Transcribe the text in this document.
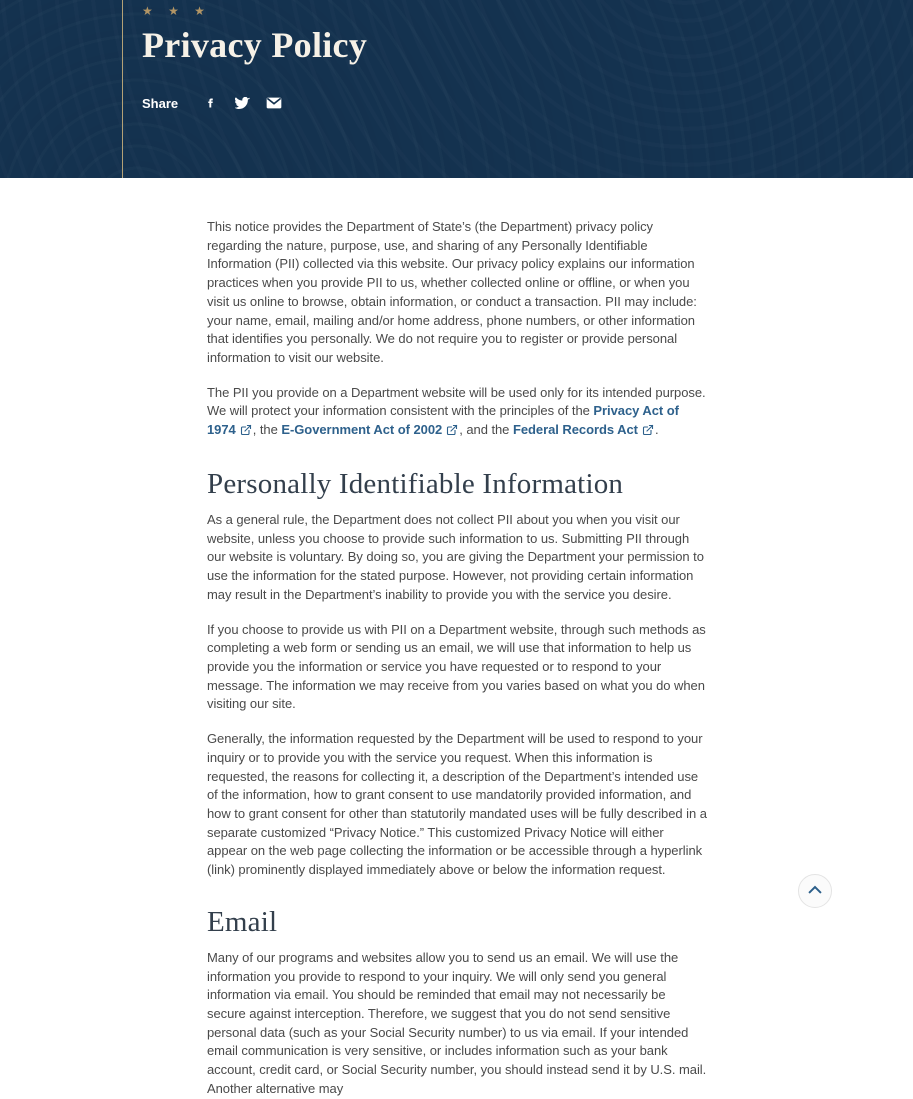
★ ★ ★
Privacy Policy
Share

This notice provides the Department of State’s (the Department) privacy policy regarding the nature, purpose, use, and sharing of any Personally Identifiable Information (PII) collected via this website. Our privacy policy explains our information practices when you provide PII to us, whether collected online or offline, or when you visit us online to browse, obtain information, or conduct a transaction. PII may include: your name, email, mailing and/or home address, phone numbers, or other information that identifies you personally. We do not require you to register or provide personal information to visit our website.

The PII you provide on a Department website will be used only for its intended purpose. We will protect your information consistent with the principles of the Privacy Act of 1974 , the E-Government Act of 2002 , and the Federal Records Act .

Personally Identifiable Information

As a general rule, the Department does not collect PII about you when you visit our website, unless you choose to provide such information to us. Submitting PII through our website is voluntary. By doing so, you are giving the Department your permission to use the information for the stated purpose. However, not providing certain information may result in the Department’s inability to provide you with the service you desire.

If you choose to provide us with PII on a Department website, through such methods as completing a web form or sending us an email, we will use that information to help us provide you the information or service you have requested or to respond to your message. The information we may receive from you varies based on what you do when visiting our site.

Generally, the information requested by the Department will be used to respond to your inquiry or to provide you with the service you request. When this information is requested, the reasons for collecting it, a description of the Department’s intended use of the information, how to grant consent to use mandatorily provided information, and how to grant consent for other than statutorily mandated uses will be fully described in a separate customized “Privacy Notice.” This customized Privacy Notice will either appear on the web page collecting the information or be accessible through a hyperlink (link) prominently displayed immediately above or below the information request.

Email

Many of our programs and websites allow you to send us an email. We will use the information you provide to respond to your inquiry. We will only send you general information via email. You should be reminded that email may not necessarily be secure against interception. Therefore, we suggest that you do not send sensitive personal data (such as your Social Security number) to us via email. If your intended email communication is very sensitive, or includes information such as your bank account, credit card, or Social Security number, you should instead send it by U.S. mail. Another alternative may
